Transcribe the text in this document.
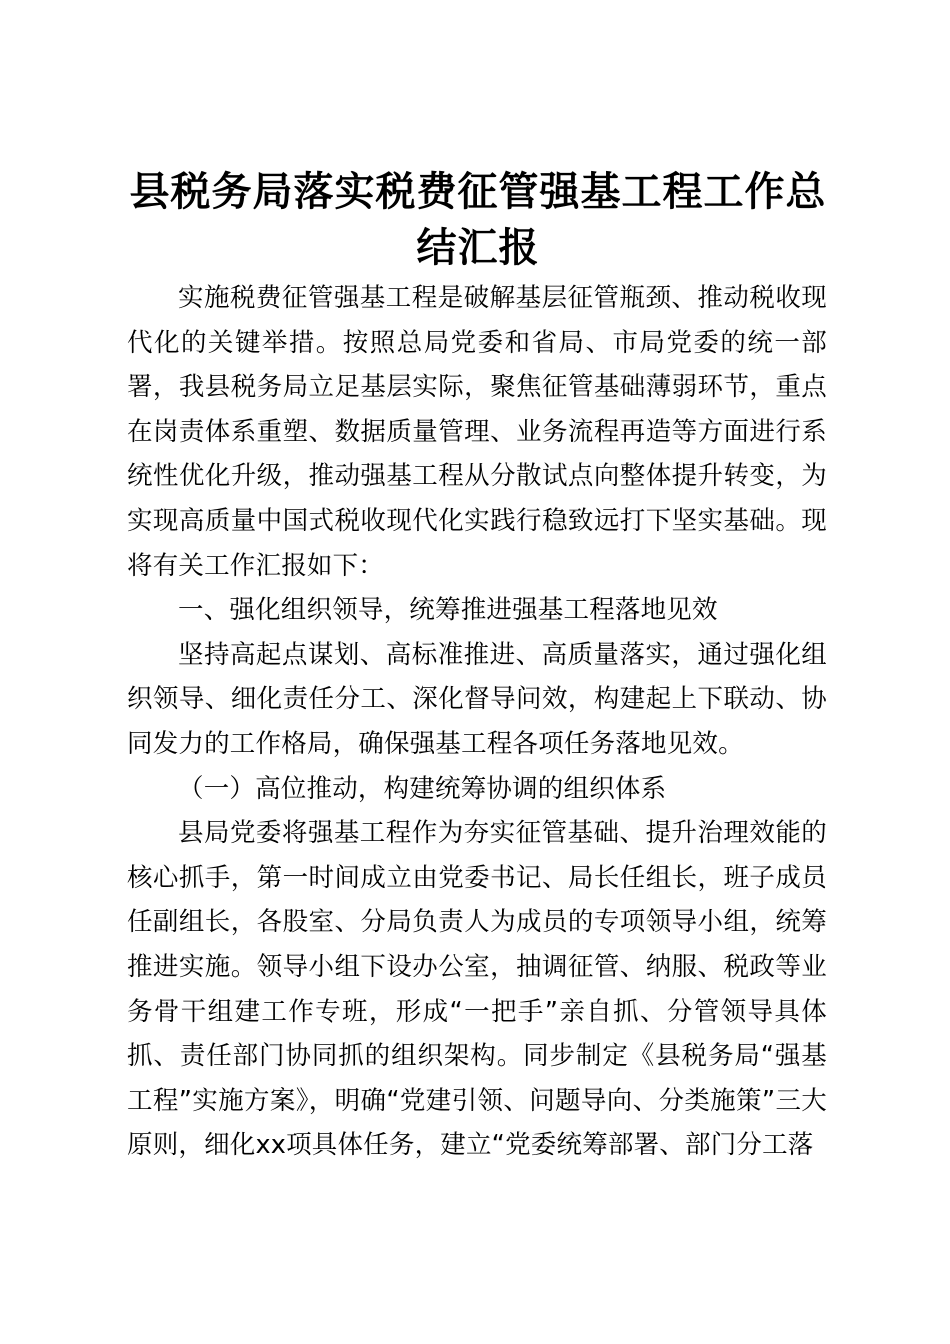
县税务局落实税费征管强基工程工作总结汇报

实施税费征管强基工程是破解基层征管瓶颈、推动税收现代化的关键举措。按照总局党委和省局、市局党委的统一部署，我县税务局立足基层实际，聚焦征管基础薄弱环节，重点在岗责体系重塑、数据质量管理、业务流程再造等方面进行系统性优化升级，推动强基工程从分散试点向整体提升转变，为实现高质量中国式税收现代化实践行稳致远打下坚实基础。现将有关工作汇报如下：

一、强化组织领导，统筹推进强基工程落地见效

坚持高起点谋划、高标准推进、高质量落实，通过强化组织领导、细化责任分工、深化督导问效，构建起上下联动、协同发力的工作格局，确保强基工程各项任务落地见效。

（一）高位推动，构建统筹协调的组织体系

县局党委将强基工程作为夯实征管基础、提升治理效能的核心抓手，第一时间成立由党委书记、局长任组长，班子成员任副组长，各股室、分局负责人为成员的专项领导小组，统筹推进实施。领导小组下设办公室，抽调征管、纳服、税政等业务骨干组建工作专班，形成“一把手”亲自抓、分管领导具体抓、责任部门协同抓的组织架构。同步制定《县税务局“强基工程”实施方案》，明确“党建引领、问题导向、分类施策”三大原则，细化xx项具体任务，建立“党委统筹部署、部门分工落
